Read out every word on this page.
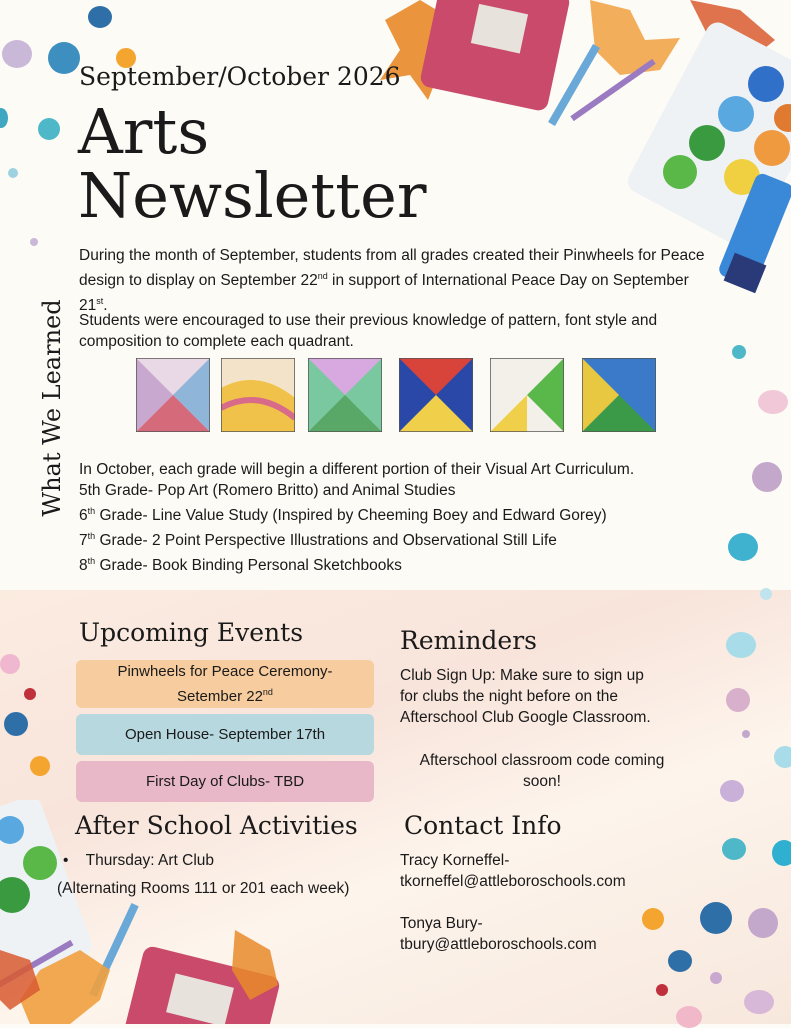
September/October 2026
Arts
Newsletter
What We Learned
During the month of September, students from all grades created their Pinwheels for Peace design to display on September 22nd in support of International Peace Day on September 21st.
Students were encouraged to use their previous knowledge of pattern, font style and composition to complete each quadrant.
In October, each grade will begin a different portion of their Visual Art Curriculum.
5th Grade- Pop Art (Romero Britto) and Animal Studies
6th Grade- Line Value Study (Inspired by Cheeming Boey and Edward Gorey)
7th Grade- 2 Point Perspective Illustrations and Observational Still Life
8th Grade- Book Binding Personal Sketchbooks
Upcoming Events
Pinwheels for Peace Ceremony-
Setember 22nd
Open House- September 17th
First Day of Clubs- TBD
Reminders
Club Sign Up: Make sure to sign up
for clubs the night before on the
Afterschool Club Google Classroom.
Afterschool classroom code coming
soon!
After School Activities
•    Thursday: Art Club
(Alternating Rooms 111 or 201 each week)
Contact Info
Tracy Korneffel-
tkorneffel@attleboroschools.com
Tonya Bury-
tbury@attleboroschools.com
